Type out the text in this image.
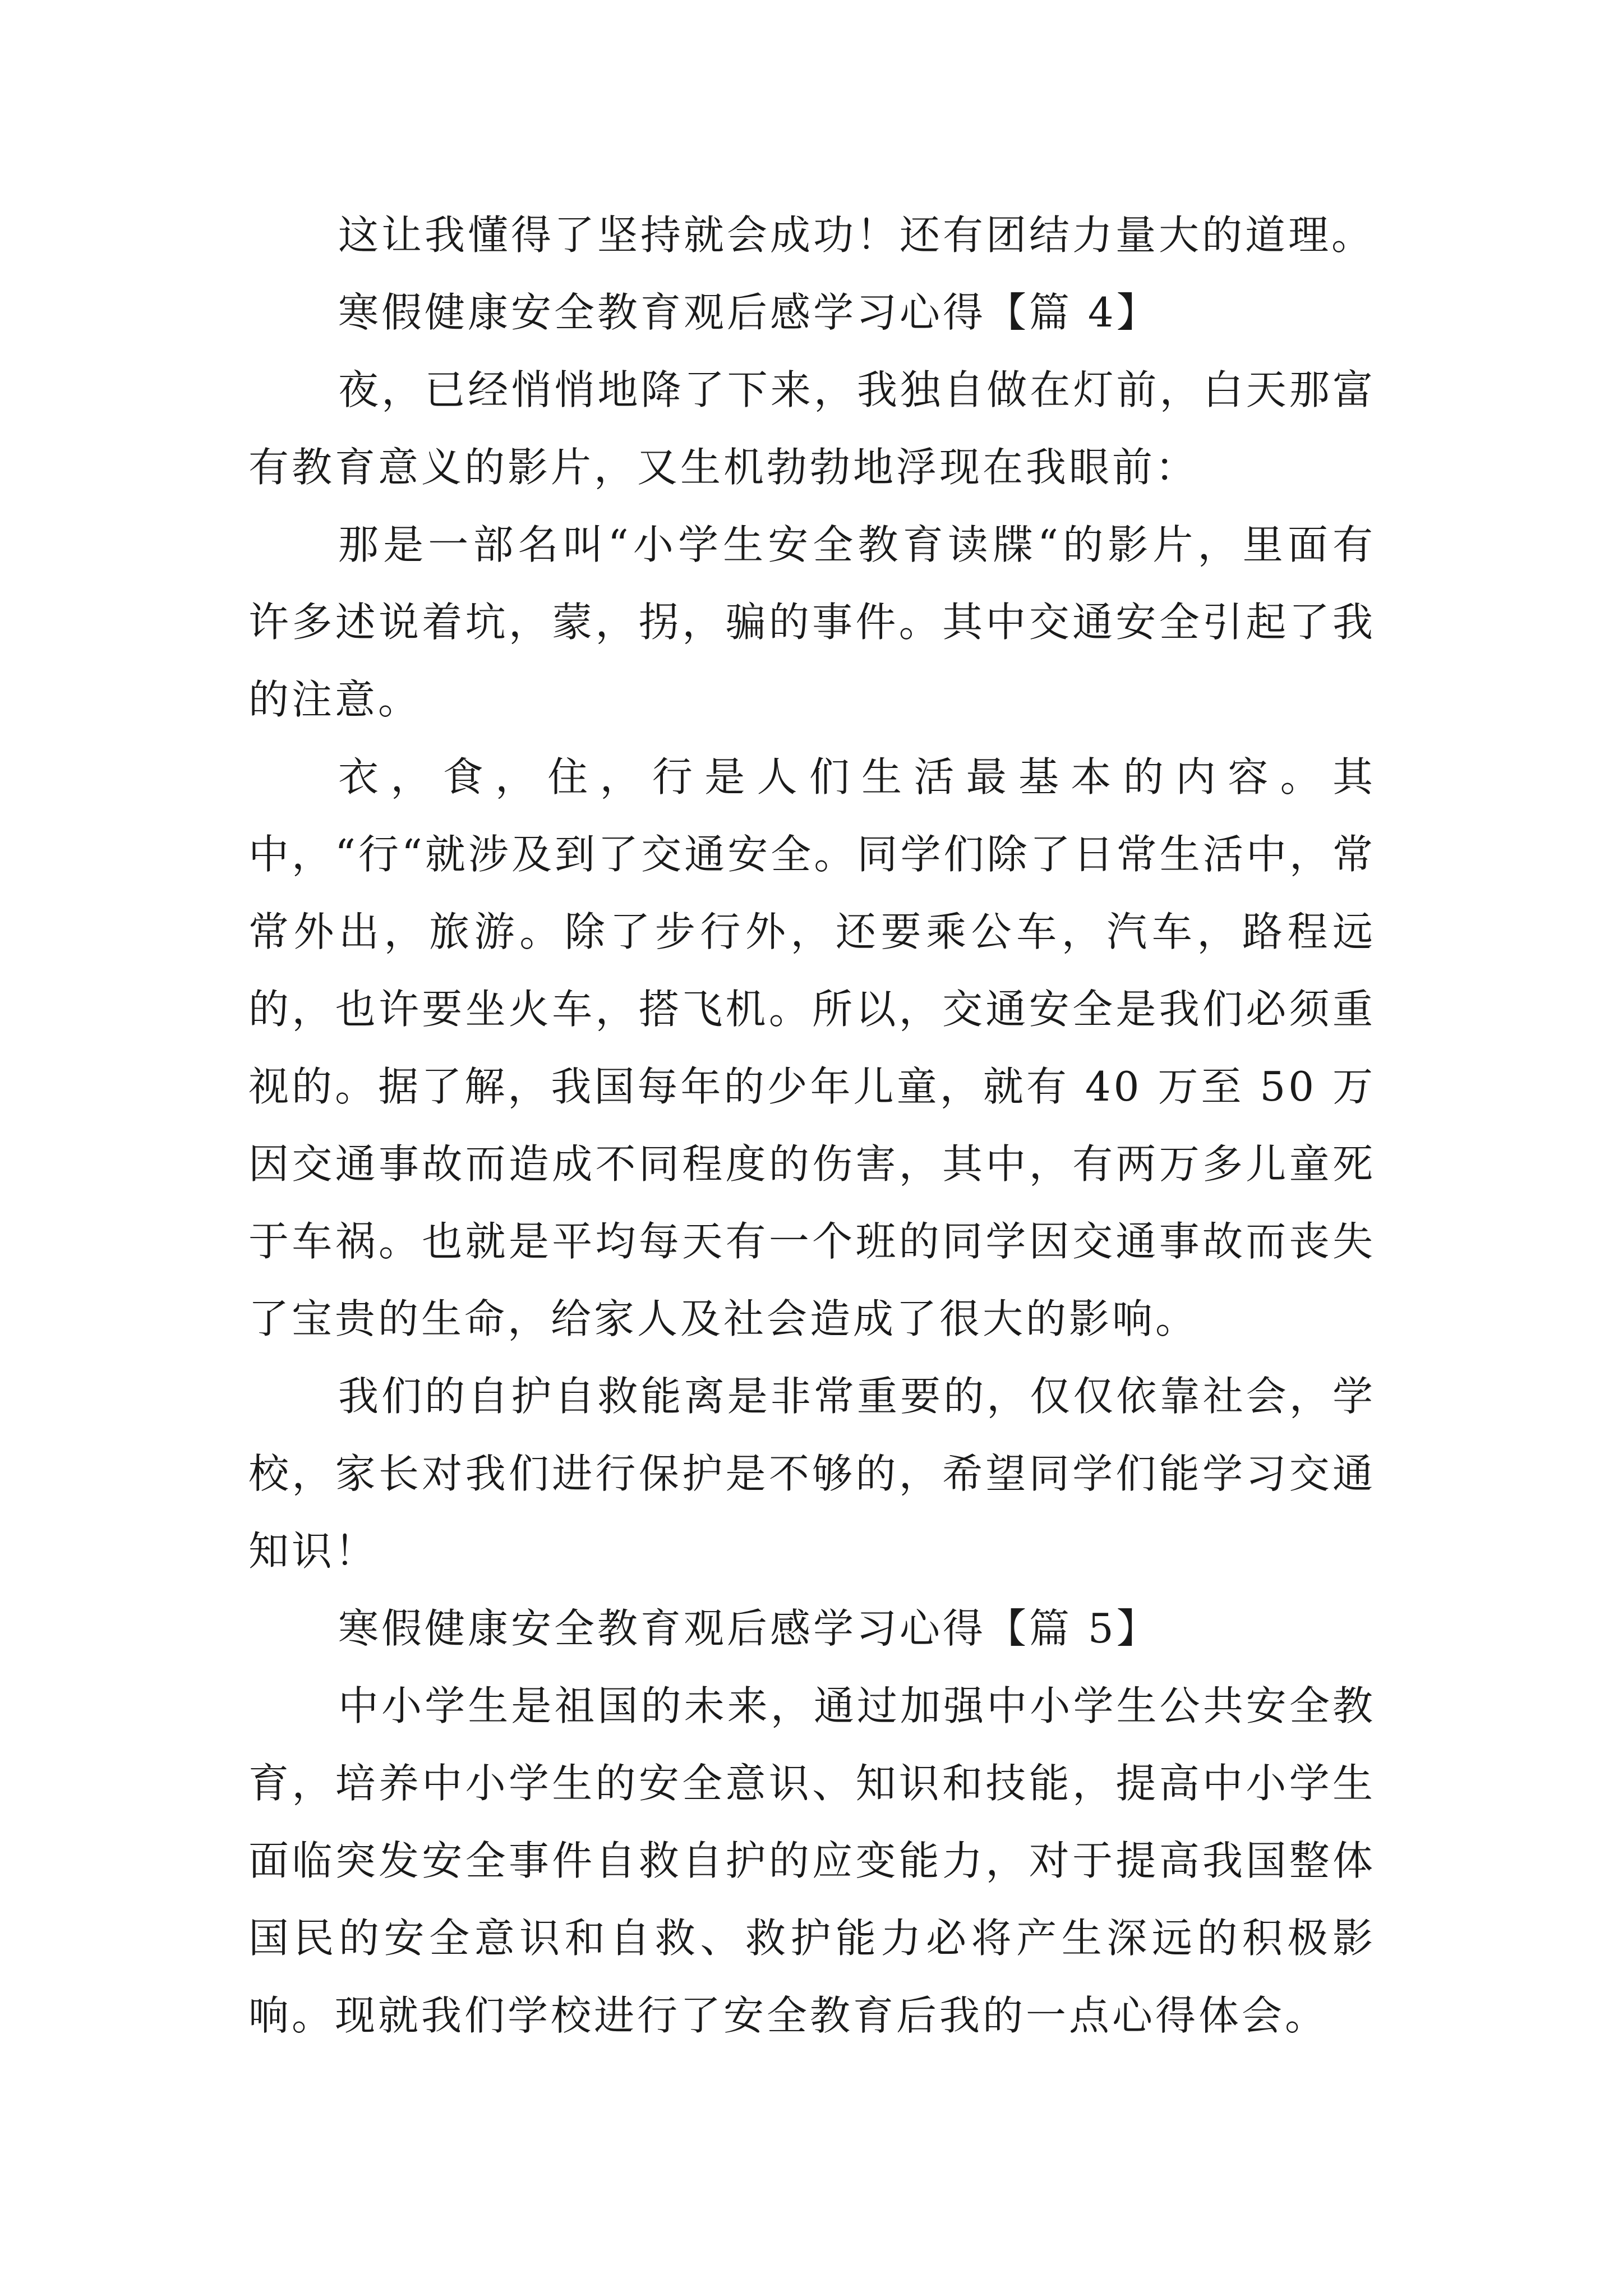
这让我懂得了坚持就会成功！还有团结力量大的道理。

寒假健康安全教育观后感学习心得【篇 4】

夜，已经悄悄地降了下来，我独自做在灯前，白天那富有教育意义的影片，又生机勃勃地浮现在我眼前：

那是一部名叫“小学生安全教育读牒“的影片，里面有许多述说着坑，蒙，拐，骗的事件。其中交通安全引起了我的注意。

衣，食，住，行是人们生活最基本的内容。其中，“行“就涉及到了交通安全。同学们除了日常生活中，常常外出，旅游。除了步行外，还要乘公车，汽车，路程远的，也许要坐火车，搭飞机。所以，交通安全是我们必须重视的。据了解，我国每年的少年儿童，就有 40 万至 50 万因交通事故而造成不同程度的伤害，其中，有两万多儿童死于车祸。也就是平均每天有一个班的同学因交通事故而丧失了宝贵的生命，给家人及社会造成了很大的影响。

我们的自护自救能离是非常重要的，仅仅依靠社会，学校，家长对我们进行保护是不够的，希望同学们能学习交通知识！

寒假健康安全教育观后感学习心得【篇 5】

中小学生是祖国的未来，通过加强中小学生公共安全教育，培养中小学生的安全意识、知识和技能，提高中小学生面临突发安全事件自救自护的应变能力，对于提高我国整体国民的安全意识和自救、救护能力必将产生深远的积极影响。现就我们学校进行了安全教育后我的一点心得体会。
